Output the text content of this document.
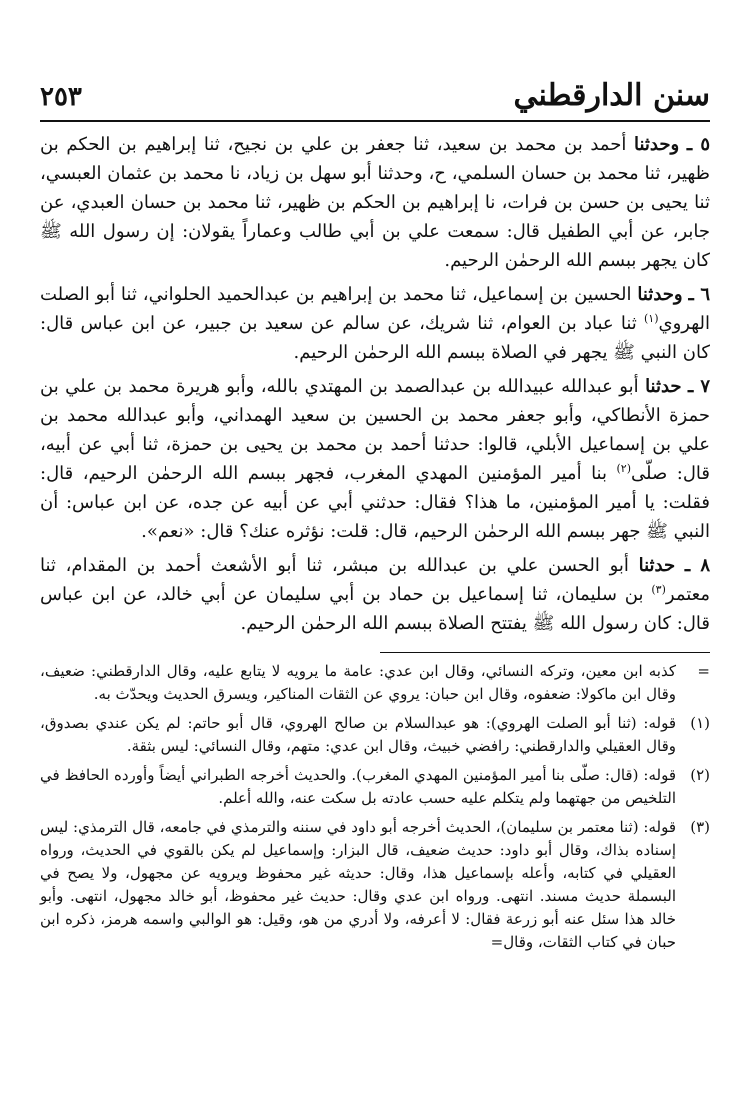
سنن الدارقطني
٢٥٣

٥ ـ وحدثنا أحمد بن محمد بن سعيد، ثنا جعفر بن علي بن نجيح، ثنا إبراهيم بن الحكم بن ظهير، ثنا محمد بن حسان السلمي، ح، وحدثنا أبو سهل بن زياد، نا محمد بن عثمان العبسي، ثنا يحيى بن حسن بن فرات، نا إبراهيم بن الحكم بن ظهير، ثنا محمد بن حسان العبدي، عن جابر، عن أبي الطفيل قال: سمعت علي بن أبي طالب وعماراً يقولان: إن رسول الله ﷺ كان يجهر ببسم الله الرحمٰن الرحيم.

٦ ـ وحدثنا الحسين بن إسماعيل، ثنا محمد بن إبراهيم بن عبدالحميد الحلواني، ثنا أبو الصلت الهروي$^{(١)}$ ثنا عباد بن العوام، ثنا شريك، عن سالم عن سعيد بن جبير، عن ابن عباس قال: كان النبي ﷺ يجهر في الصلاة ببسم الله الرحمٰن الرحيم.

٧ ـ حدثنا أبو عبدالله عبيدالله بن عبدالصمد بن المهتدي بالله، وأبو هريرة محمد بن علي بن حمزة الأنطاكي، وأبو جعفر محمد بن الحسين بن سعيد الهمداني، وأبو عبدالله محمد بن علي بن إسماعيل الأبلي، قالوا: حدثنا أحمد بن محمد بن يحيى بن حمزة، ثنا أبي عن أبيه، قال: صلّى$^{(٢)}$ بنا أمير المؤمنين المهدي المغرب، فجهر ببسم الله الرحمٰن الرحيم، قال: فقلت: يا أمير المؤمنين، ما هذا؟ فقال: حدثني أبي عن أبيه عن جده، عن ابن عباس: أن النبي ﷺ جهر ببسم الله الرحمٰن الرحيم، قال: قلت: نؤثره عنك؟ قال: «نعم».

٨ ـ حدثنا أبو الحسن علي بن عبدالله بن مبشر، ثنا أبو الأشعث أحمد بن المقدام، ثنا معتمر$^{(٣)}$ بن سليمان، ثنا إسماعيل بن حماد بن أبي سليمان عن أبي خالد، عن ابن عباس قال: كان رسول الله ﷺ يفتتح الصلاة ببسم الله الرحمٰن الرحيم.

=
كذبه ابن معين، وتركه النسائي، وقال ابن عدي: عامة ما يرويه لا يتابع عليه، وقال الدارقطني: ضعيف، وقال ابن ماكولا: ضعفوه، وقال ابن حبان: يروي عن الثقات المناكير، ويسرق الحديث ويحدّث به.
(١)
قوله: (ثنا أبو الصلت الهروي): هو عبدالسلام بن صالح الهروي، قال أبو حاتم: لم يكن عندي بصدوق، وقال العقيلي والدارقطني: رافضي خبيث، وقال ابن عدي: متهم، وقال النسائي: ليس بثقة.
(٢)
قوله: (قال: صلّى بنا أمير المؤمنين المهدي المغرب). والحديث أخرجه الطبراني أيضاً وأورده الحافظ في التلخيص من جهتهما ولم يتكلم عليه حسب عادته بل سكت عنه، والله أعلم.
(٣)
قوله: (ثنا معتمر بن سليمان)، الحديث أخرجه أبو داود في سننه والترمذي في جامعه، قال الترمذي: ليس إسناده بذاك، وقال أبو داود: حديث ضعيف، قال البزار: وإسماعيل لم يكن بالقوي في الحديث، ورواه العقيلي في كتابه، وأعله بإسماعيل هذا، وقال: حديثه غير محفوظ ويرويه عن مجهول، ولا يصح في البسملة حديث مسند. انتهى. ورواه ابن عدي وقال: حديث غير محفوظ، أبو خالد مجهول، انتهى. وأبو خالد هذا سئل عنه أبو زرعة فقال: لا أعرفه، ولا أدري من هو، وقيل: هو الوالبي واسمه هرمز، ذكره ابن حبان في كتاب الثقات، وقال=
